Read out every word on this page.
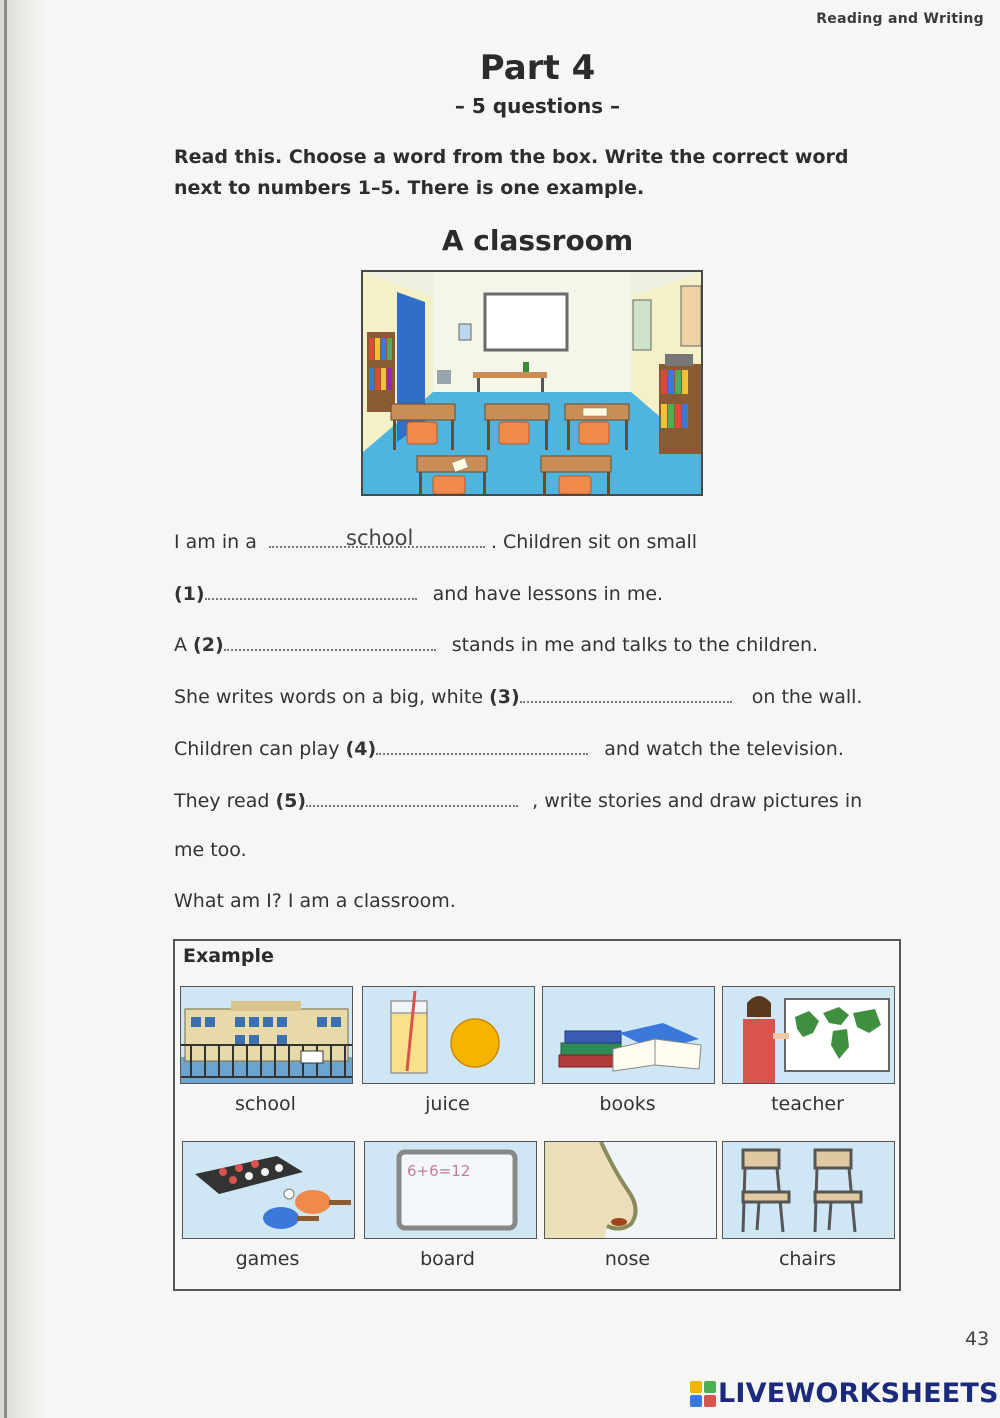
Reading and Writing
Part 4
– 5 questions –
Read this. Choose a word from the box. Write the correct word next to numbers 1–5. There is one example.
A classroom
I am in a	. Children sit on small
school
(1)	and have lessons in me.
A (2)	stands in me and talks to the children.
She writes words on a big, white (3)	on the wall.
Children can play (4)	and watch the television.
They read (5)	, write stories and draw pictures in
me too.
What am I? I am a classroom.
Example
school	juice	books	teacher
games
6+6=12
board	nose	chairs
43
LIVEWORKSHEETS
